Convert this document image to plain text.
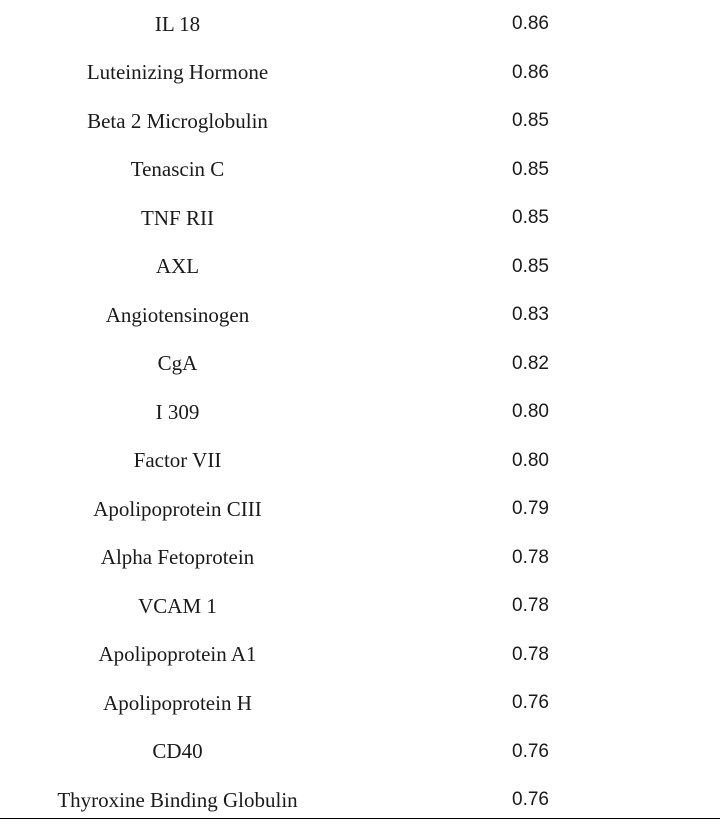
IL 18	0.86
Luteinizing Hormone	0.86
Beta 2 Microglobulin	0.85
Tenascin C	0.85
TNF RII	0.85
AXL	0.85
Angiotensinogen	0.83
CgA	0.82
I 309	0.80
Factor VII	0.80
Apolipoprotein CIII	0.79
Alpha Fetoprotein	0.78
VCAM 1	0.78
Apolipoprotein A1	0.78
Apolipoprotein H	0.76
CD40	0.76
Thyroxine Binding Globulin	0.76
